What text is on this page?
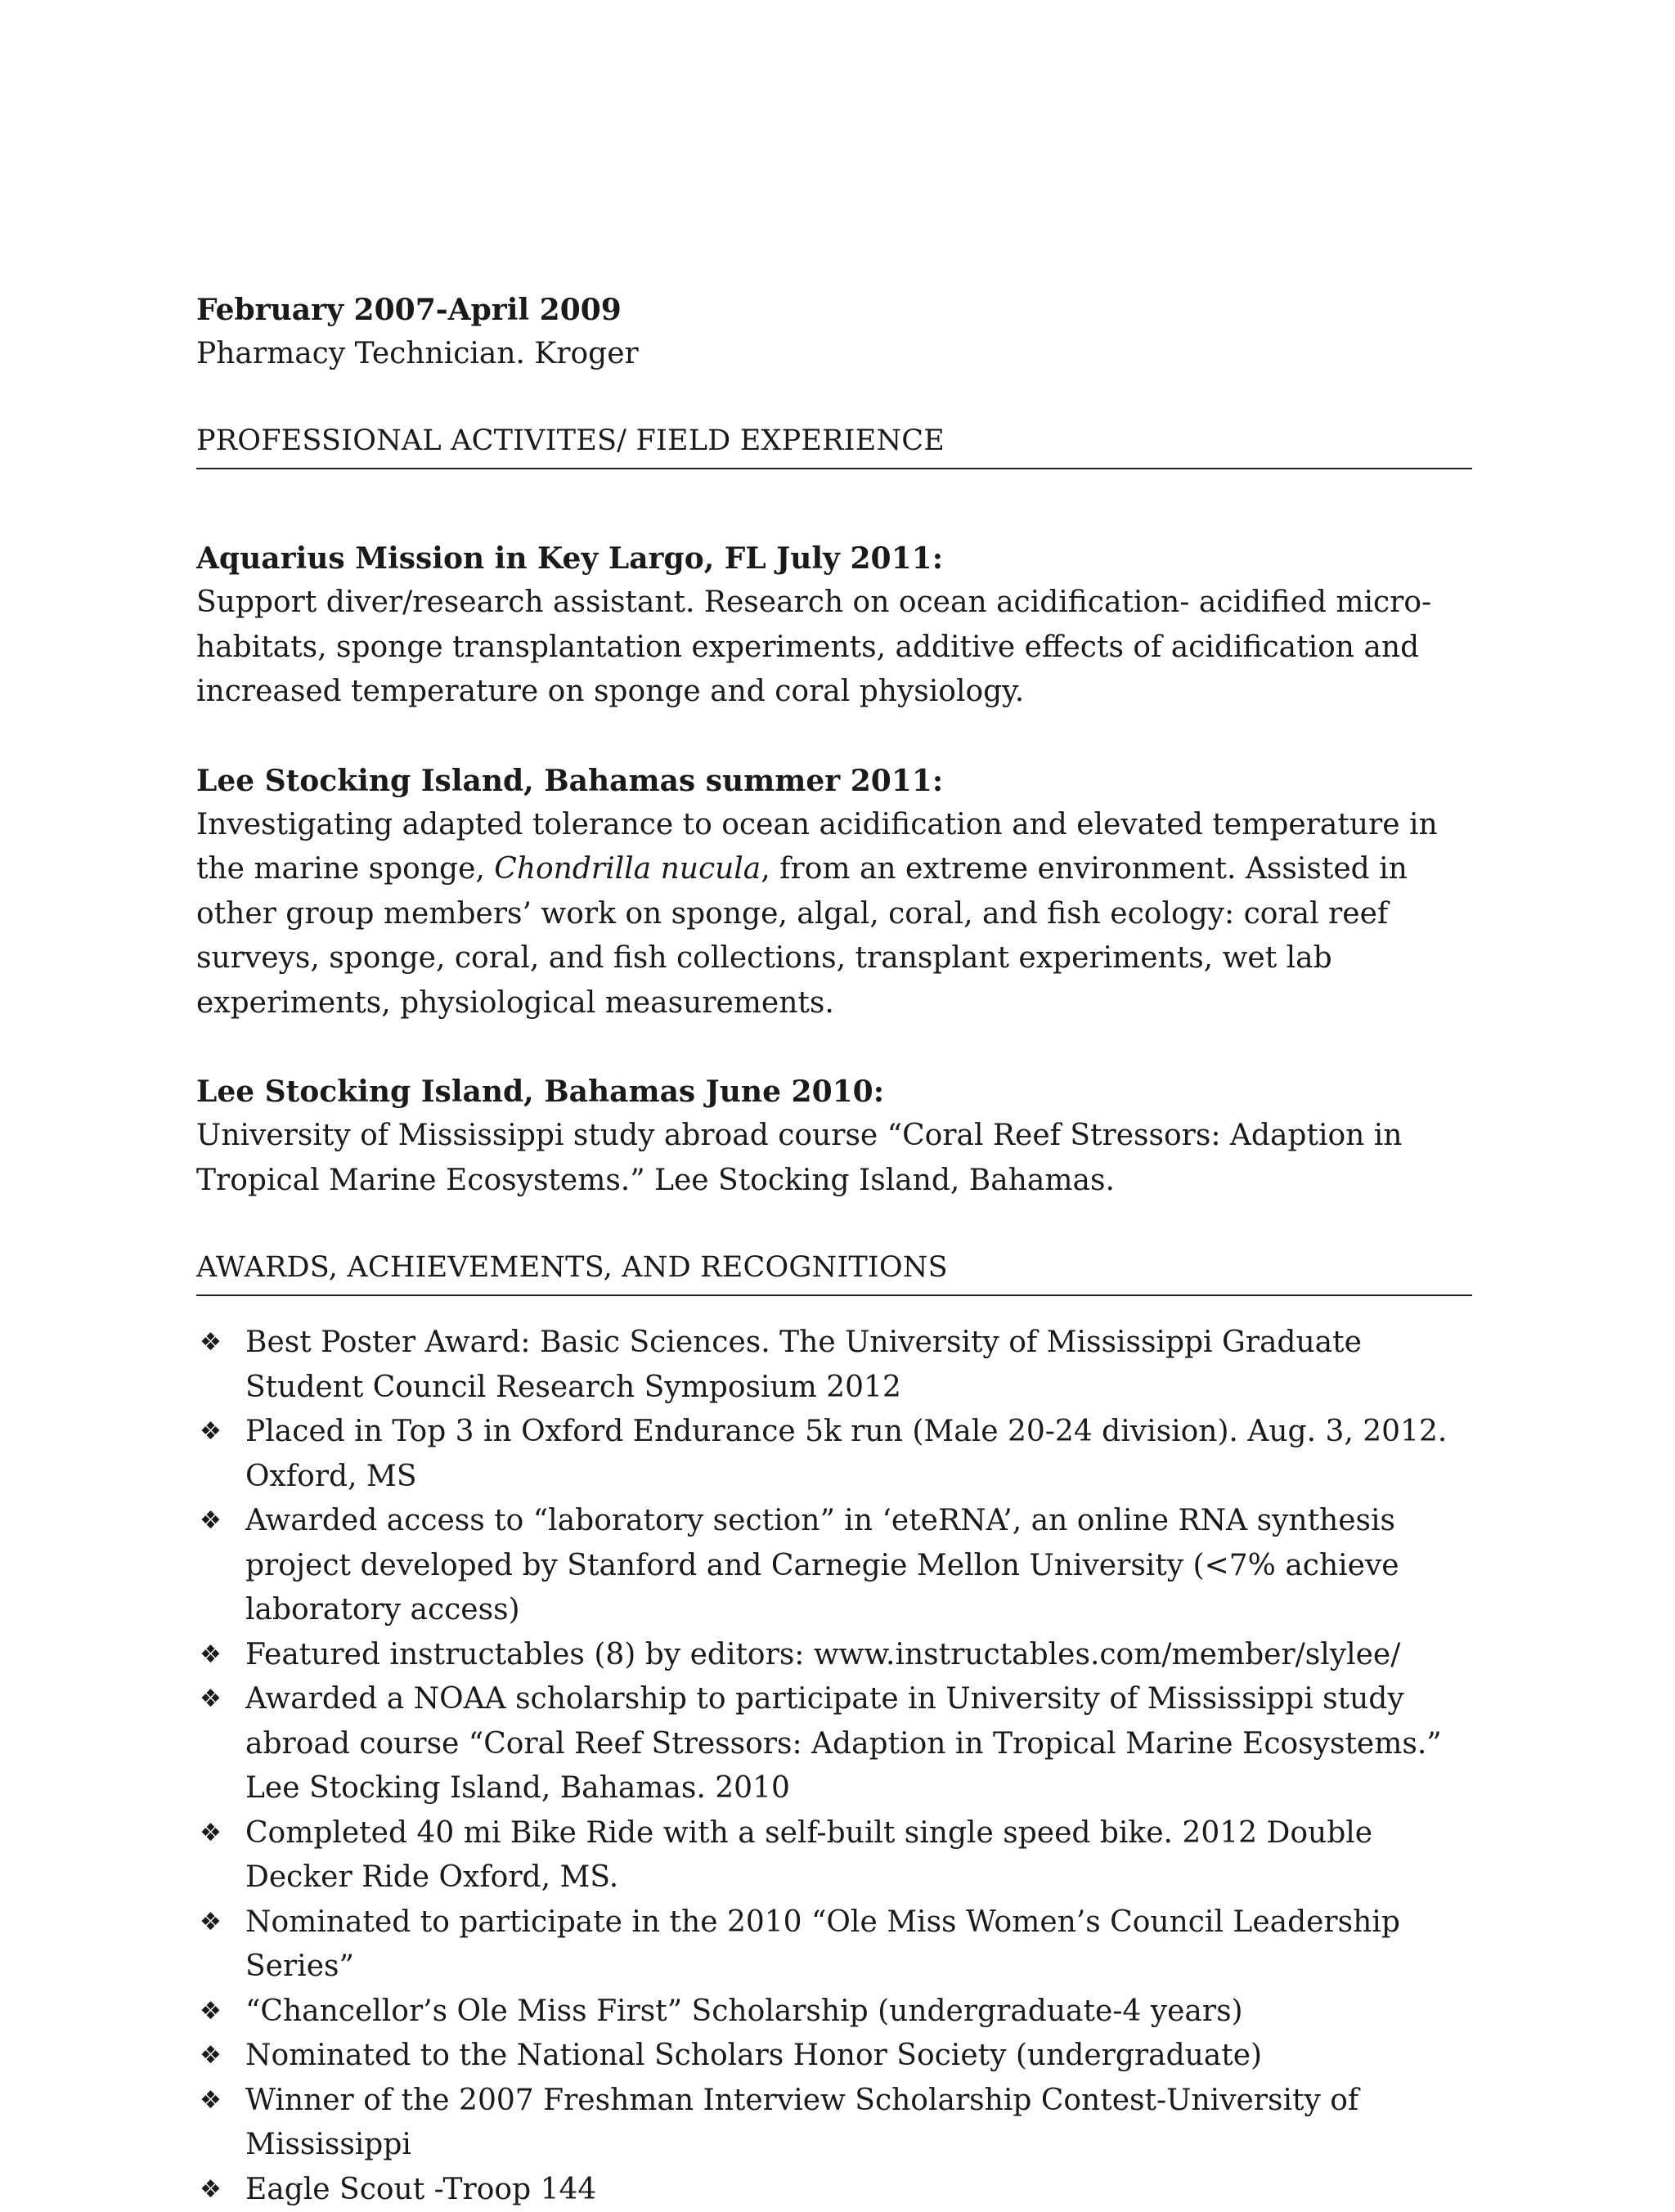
February 2007-April 2009

Pharmacy Technician. Kroger

PROFESSIONAL ACTIVITES/ FIELD EXPERIENCE

Aquarius Mission in Key Largo, FL July 2011:

Support diver/research assistant. Research on ocean acidification- acidified micro-habitats, sponge transplantation experiments, additive effects of acidification and increased temperature on sponge and coral physiology.

Lee Stocking Island, Bahamas summer 2011:

Investigating adapted tolerance to ocean acidification and elevated temperature in the marine sponge, Chondrilla nucula, from an extreme environment. Assisted in other group members’ work on sponge, algal, coral, and fish ecology: coral reef surveys, sponge, coral, and fish collections, transplant experiments, wet lab experiments, physiological measurements.

Lee Stocking Island, Bahamas June 2010:

University of Mississippi study abroad course “Coral Reef Stressors: Adaption in Tropical Marine Ecosystems.” Lee Stocking Island, Bahamas.

AWARDS, ACHIEVEMENTS, AND RECOGNITIONS

❖ Best Poster Award: Basic Sciences. The University of Mississippi Graduate Student Council Research Symposium 2012
❖ Placed in Top 3 in Oxford Endurance 5k run (Male 20-24 division). Aug. 3, 2012. Oxford, MS
❖ Awarded access to “laboratory section” in ‘eteRNA’, an online RNA synthesis project developed by Stanford and Carnegie Mellon University (<7% achieve laboratory access)
❖ Featured instructables (8) by editors: www.instructables.com/member/slylee/
❖ Awarded a NOAA scholarship to participate in University of Mississippi study abroad course “Coral Reef Stressors: Adaption in Tropical Marine Ecosystems.” Lee Stocking Island, Bahamas. 2010
❖ Completed 40 mi Bike Ride with a self-built single speed bike. 2012 Double Decker Ride Oxford, MS.
❖ Nominated to participate in the 2010 “Ole Miss Women’s Council Leadership Series”
❖ “Chancellor’s Ole Miss First” Scholarship (undergraduate-4 years)
❖ Nominated to the National Scholars Honor Society (undergraduate)
❖ Winner of the 2007 Freshman Interview Scholarship Contest-University of Mississippi
❖ Eagle Scout -Troop 144
